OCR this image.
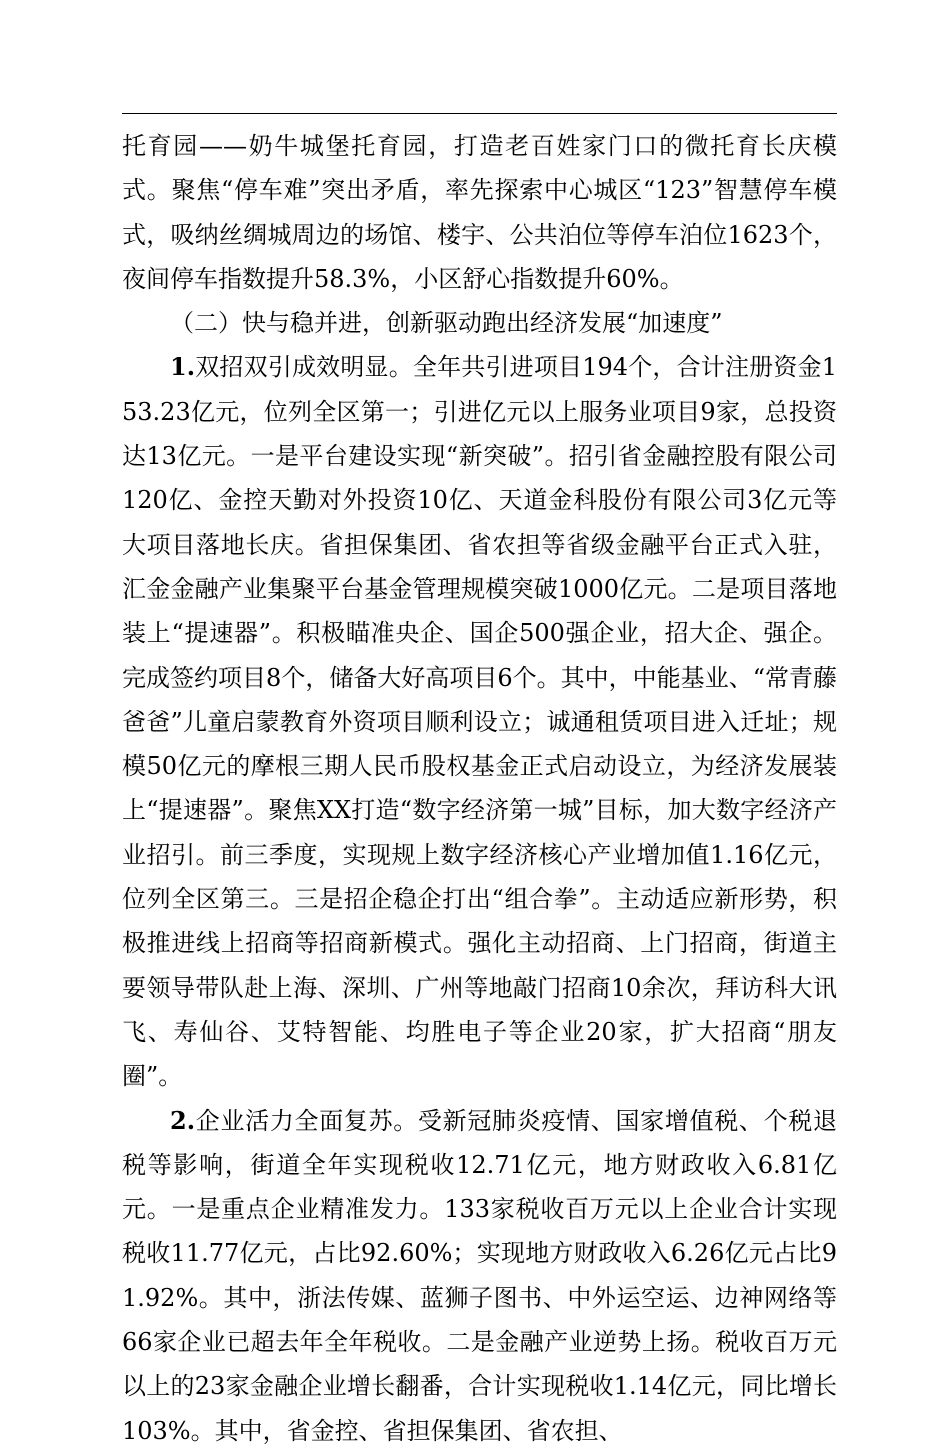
托育园——奶牛城堡托育园，打造老百姓家门口的微托育长庆模式。聚焦“停车难”突出矛盾，率先探索中心城区“123”智慧停车模式，吸纳丝绸城周边的场馆、楼宇、公共泊位等停车泊位1623个，夜间停车指数提升58.3%，小区舒心指数提升60%。

（二）快与稳并进，创新驱动跑出经济发展“加速度”

1.双招双引成效明显。全年共引进项目194个，合计注册资金153.23亿元，位列全区第一；引进亿元以上服务业项目9家，总投资达13亿元。一是平台建设实现“新突破”。招引省金融控股有限公司120亿、金控天勤对外投资10亿、天道金科股份有限公司3亿元等大项目落地长庆。省担保集团、省农担等省级金融平台正式入驻，汇金金融产业集聚平台基金管理规模突破1000亿元。二是项目落地装上“提速器”。积极瞄准央企、国企500强企业，招大企、强企。完成签约项目8个，储备大好高项目6个。其中，中能基业、“常青藤爸爸”儿童启蒙教育外资项目顺利设立；诚通租赁项目进入迁址；规模50亿元的摩根三期人民币股权基金正式启动设立，为经济发展装上“提速器”。聚焦XX打造“数字经济第一城”目标，加大数字经济产业招引。前三季度，实现规上数字经济核心产业增加值1.16亿元，位列全区第三。三是招企稳企打出“组合拳”。主动适应新形势，积极推进线上招商等招商新模式。强化主动招商、上门招商，街道主要领导带队赴上海、深圳、广州等地敲门招商10余次，拜访科大讯飞、寿仙谷、艾特智能、均胜电子等企业20家，扩大招商“朋友圈”。

2.企业活力全面复苏。受新冠肺炎疫情、国家增值税、个税退税等影响，街道全年实现税收12.71亿元，地方财政收入6.81亿元。一是重点企业精准发力。133家税收百万元以上企业合计实现税收11.77亿元，占比92.60%；实现地方财政收入6.26亿元占比91.92%。其中，浙法传媒、蓝狮子图书、中外运空运、边神网络等66家企业已超去年全年税收。二是金融产业逆势上扬。税收百万元以上的23家金融企业增长翻番，合计实现税收1.14亿元，同比增长103%。其中，省金控、省担保集团、省农担、
